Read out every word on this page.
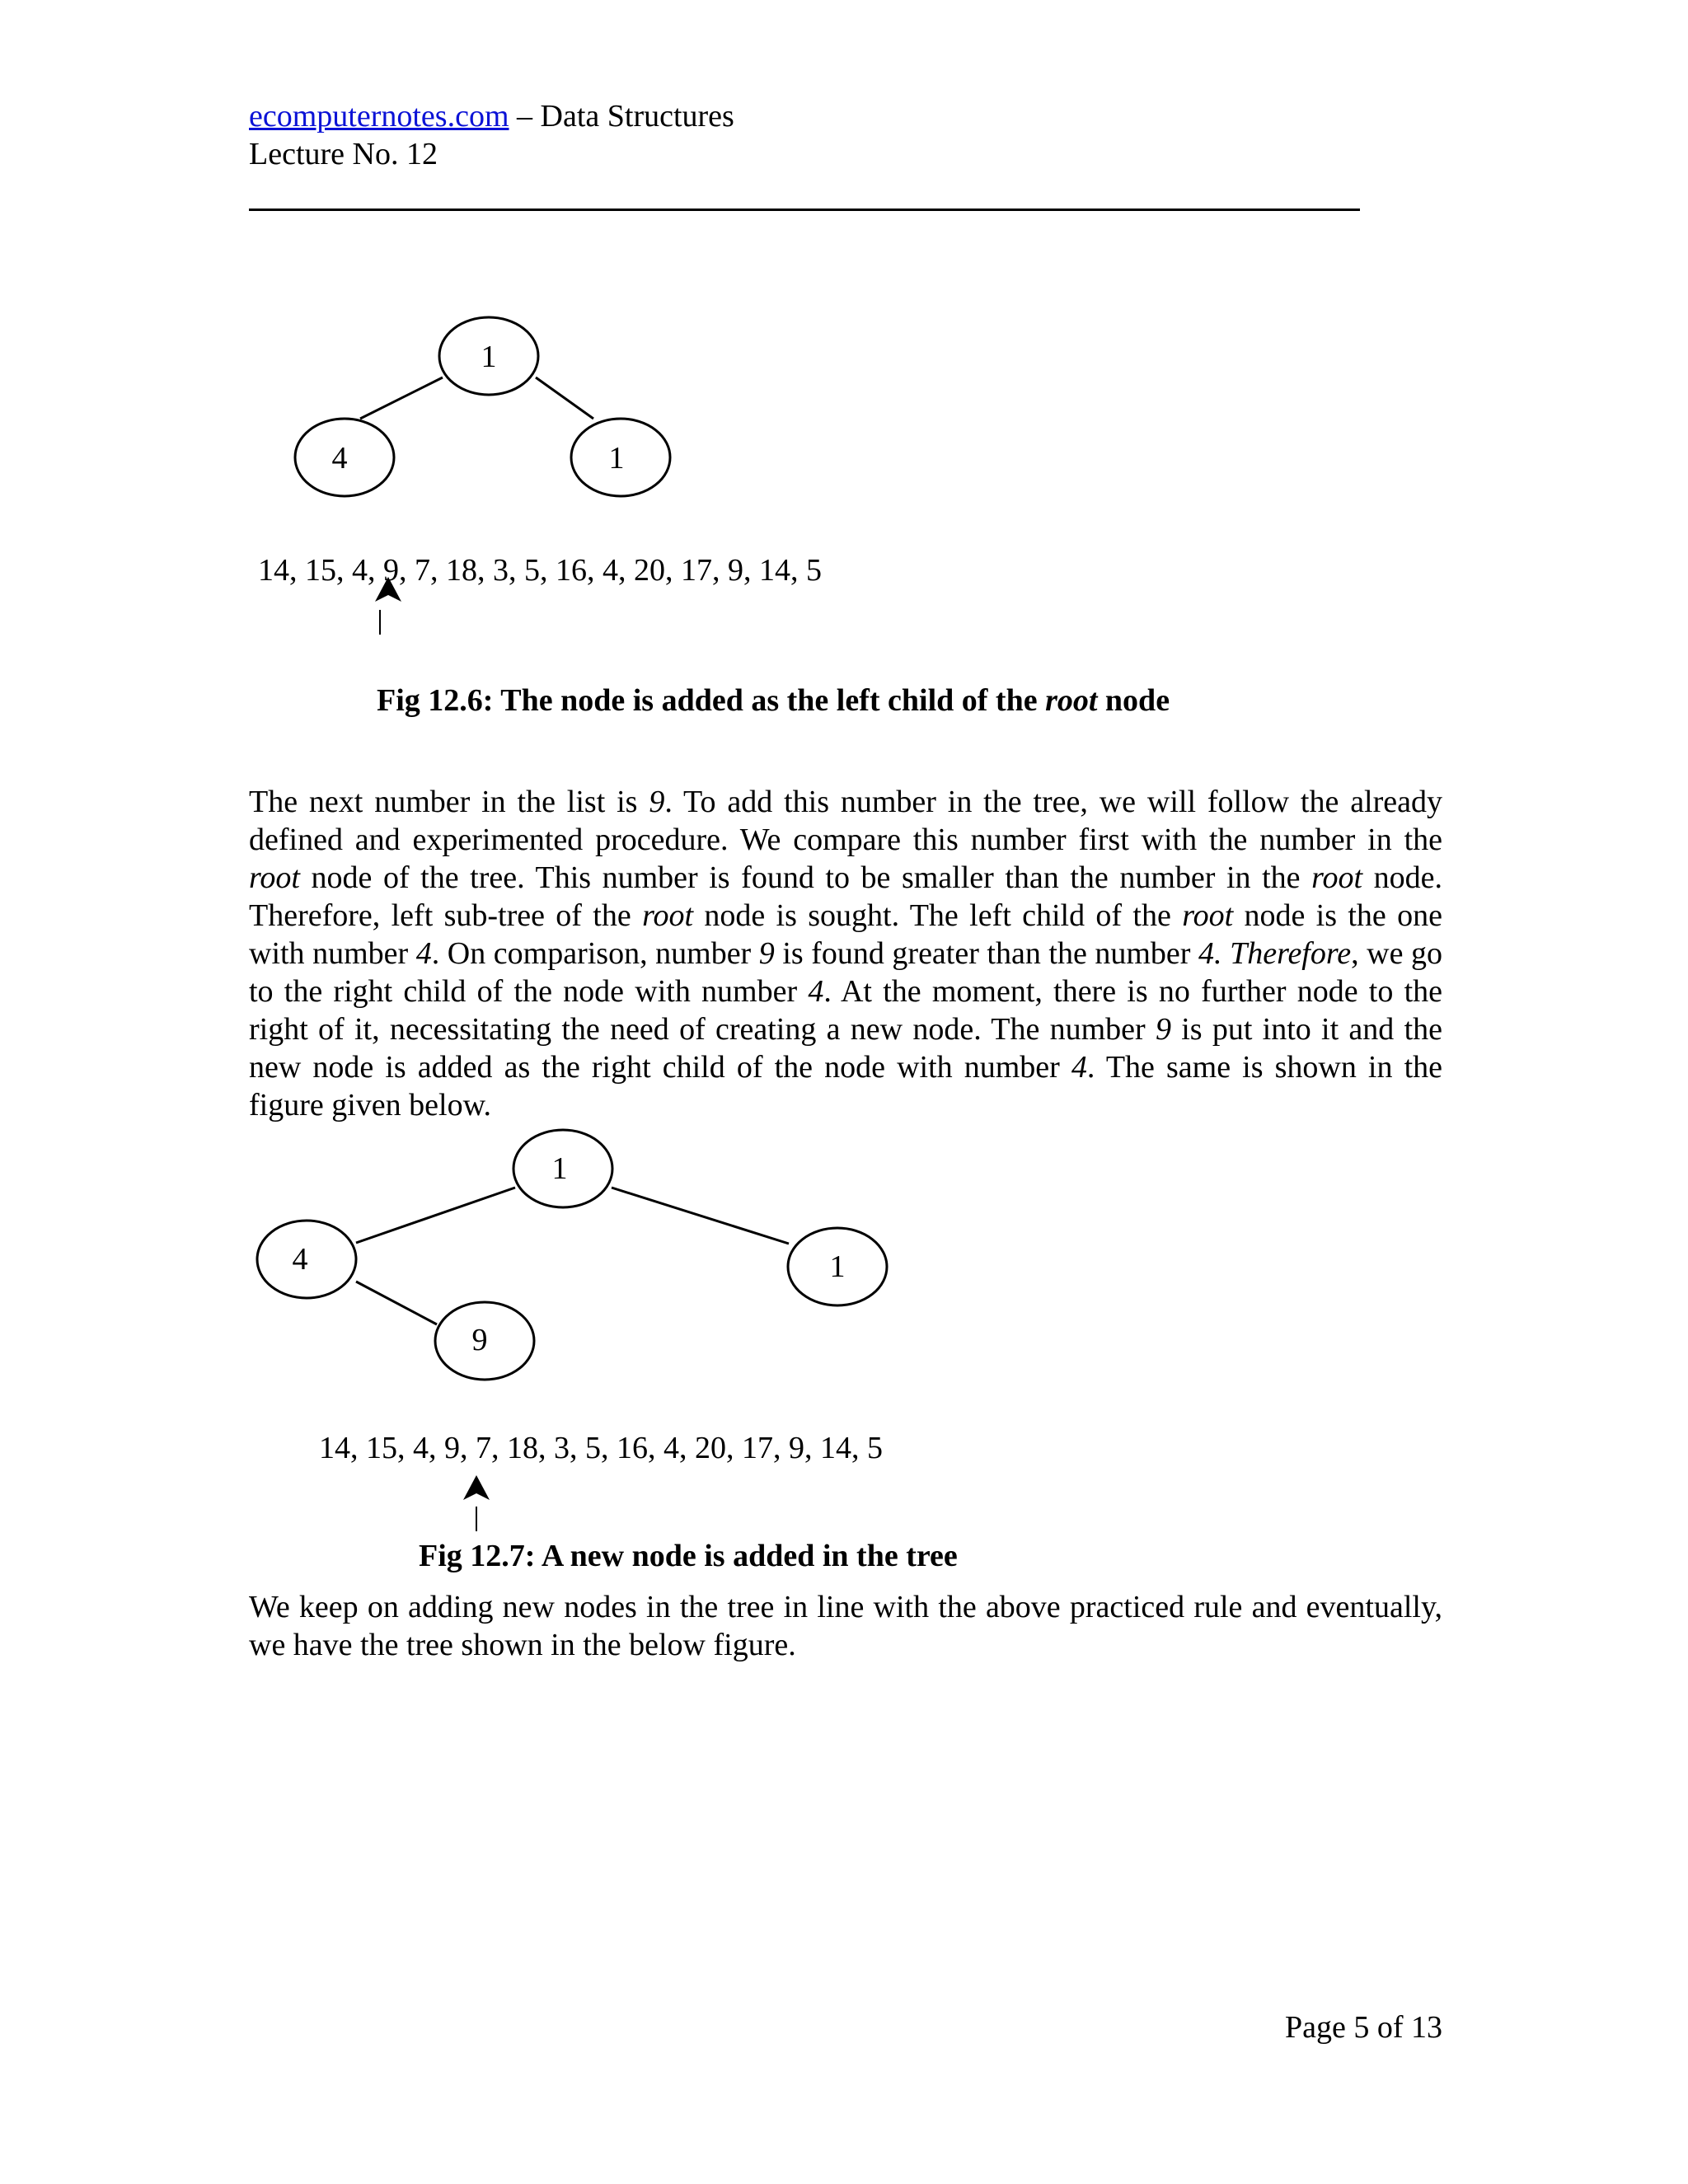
ecomputernotes.com – Data Structures
Lecture No. 12
1
4	1
14, 15, 4, 9, 7, 18, 3, 5, 16, 4, 20, 17, 9, 14, 5
Fig 12.6: The node is added as the left child of the root node
The next number in the list is 9. To add this number in the tree, we will follow the already defined and experimented procedure. We compare this number first with the number in the root node of the tree. This number is found to be smaller than the number in the root node. Therefore, left sub-tree of the root node is sought. The left child of the root node is the one with number 4. On comparison, number 9 is found greater than the number 4. Therefore, we go to the right child of the node with number 4. At the moment, there is no further node to the right of it, necessitating the need of creating a new node. The number 9 is put into it and the new node is added as the right child of the node with number 4. The same is shown in the figure given below.
1
4	1
9
14, 15, 4, 9, 7, 18, 3, 5, 16, 4, 20, 17, 9, 14, 5
Fig 12.7: A new node is added in the tree
We keep on adding new nodes in the tree in line with the above practiced rule and eventually, we have the tree shown in the below figure.
Page 5 of 13
